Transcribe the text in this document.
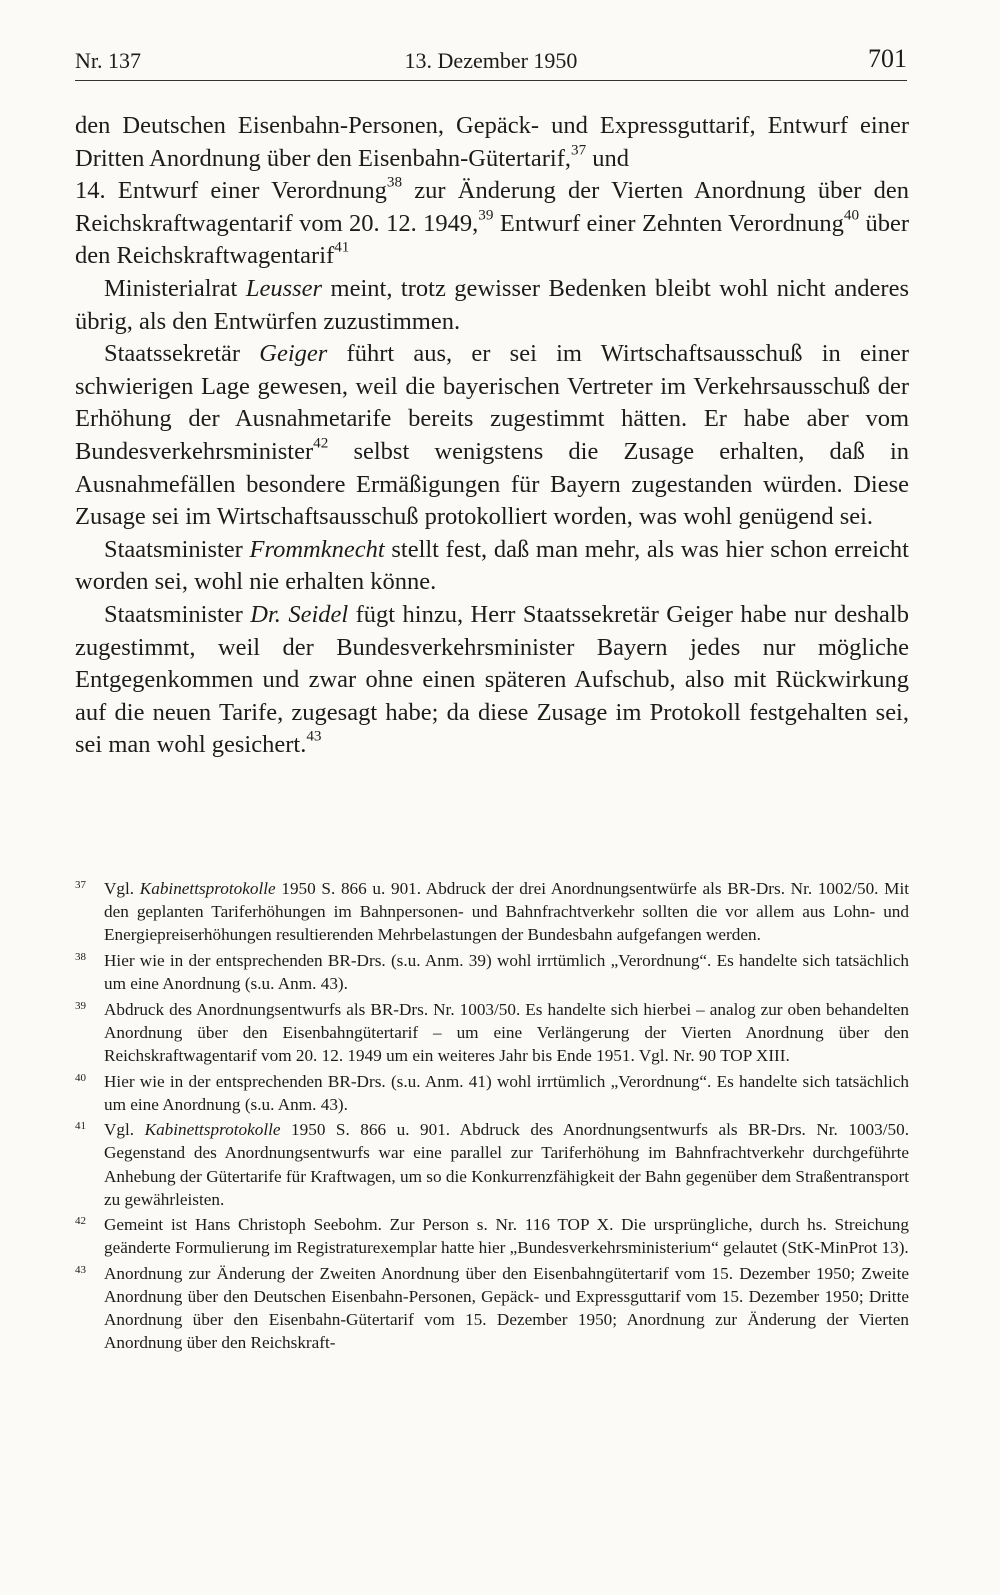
Nr. 137	13. Dezember 1950	701

den Deutschen Eisenbahn-Personen, Gepäck- und Expressguttarif, Entwurf einer Dritten Anordnung über den Eisenbahn-Gütertarif,$^{37}$ und

14. Entwurf einer Verordnung$^{38}$ zur Änderung der Vierten Anordnung über den Reichskraftwagentarif vom 20. 12. 1949,39 Entwurf einer Zehnten Verordnung$^{40}$ über den Reichskraftwagentarif$^{41}$

Ministerialrat Leusser meint, trotz gewisser Bedenken bleibt wohl nicht anderes übrig, als den Entwürfen zuzustimmen.

Staatssekretär Geiger führt aus, er sei im Wirtschaftsausschuß in einer schwierigen Lage gewesen, weil die bayerischen Vertreter im Verkehrsausschuß der Erhöhung der Ausnahmetarife bereits zugestimmt hätten. Er habe aber vom Bundesverkehrsminister$^{42}$ selbst wenigstens die Zusage erhalten, daß in Ausnahmefällen besondere Ermäßigungen für Bayern zugestanden würden. Diese Zusage sei im Wirtschaftsausschuß protokolliert worden, was wohl genügend sei.

Staatsminister Frommknecht stellt fest, daß man mehr, als was hier schon erreicht worden sei, wohl nie erhalten könne.

Staatsminister Dr. Seidel fügt hinzu, Herr Staatssekretär Geiger habe nur deshalb zugestimmt, weil der Bundesverkehrsminister Bayern jedes nur mögliche Entgegenkommen und zwar ohne einen späteren Aufschub, also mit Rückwirkung auf die neuen Tarife, zugesagt habe; da diese Zusage im Protokoll festgehalten sei, sei man wohl gesichert.$^{43}$

37 Vgl. Kabinettsprotokolle 1950 S. 866 u. 901. Abdruck der drei Anordnungsentwürfe als BR-Drs. Nr. 1002/50. Mit den geplanten Tariferhöhungen im Bahnpersonen- und Bahnfrachtverkehr sollten die vor allem aus Lohn- und Energiepreiserhöhungen resultierenden Mehrbelastungen der Bundesbahn aufgefangen werden.
38 Hier wie in der entsprechenden BR-Drs. (s.u. Anm. 39) wohl irrtümlich „Verordnung“. Es handelte sich tatsächlich um eine Anordnung (s.u. Anm. 43).
39 Abdruck des Anordnungsentwurfs als BR-Drs. Nr. 1003/50. Es handelte sich hierbei – analog zur oben behandelten Anordnung über den Eisenbahngütertarif – um eine Verlängerung der Vierten Anordnung über den Reichskraftwagentarif vom 20. 12. 1949 um ein weiteres Jahr bis Ende 1951. Vgl. Nr. 90 TOP XIII.
40 Hier wie in der entsprechenden BR-Drs. (s.u. Anm. 41) wohl irrtümlich „Verordnung“. Es handelte sich tatsächlich um eine Anordnung (s.u. Anm. 43).
41 Vgl. Kabinettsprotokolle 1950 S. 866 u. 901. Abdruck des Anordnungsentwurfs als BR-Drs. Nr. 1003/50. Gegenstand des Anordnungsentwurfs war eine parallel zur Tariferhöhung im Bahnfrachtverkehr durchgeführte Anhebung der Gütertarife für Kraftwagen, um so die Konkurrenzfähigkeit der Bahn gegenüber dem Straßentransport zu gewährleisten.
42 Gemeint ist Hans Christoph Seebohm. Zur Person s. Nr. 116 TOP X. Die ursprüngliche, durch hs. Streichung geänderte Formulierung im Registraturexemplar hatte hier „Bundesverkehrsministerium“ gelautet (StK-MinProt 13).
43 Anordnung zur Änderung der Zweiten Anordnung über den Eisenbahngütertarif vom 15. Dezember 1950; Zweite Anordnung über den Deutschen Eisenbahn-Personen, Gepäck- und Expressguttarif vom 15. Dezember 1950; Dritte Anordnung über den Eisenbahn-Gütertarif vom 15. Dezember 1950; Anordnung zur Änderung der Vierten Anordnung über den Reichskraft-
